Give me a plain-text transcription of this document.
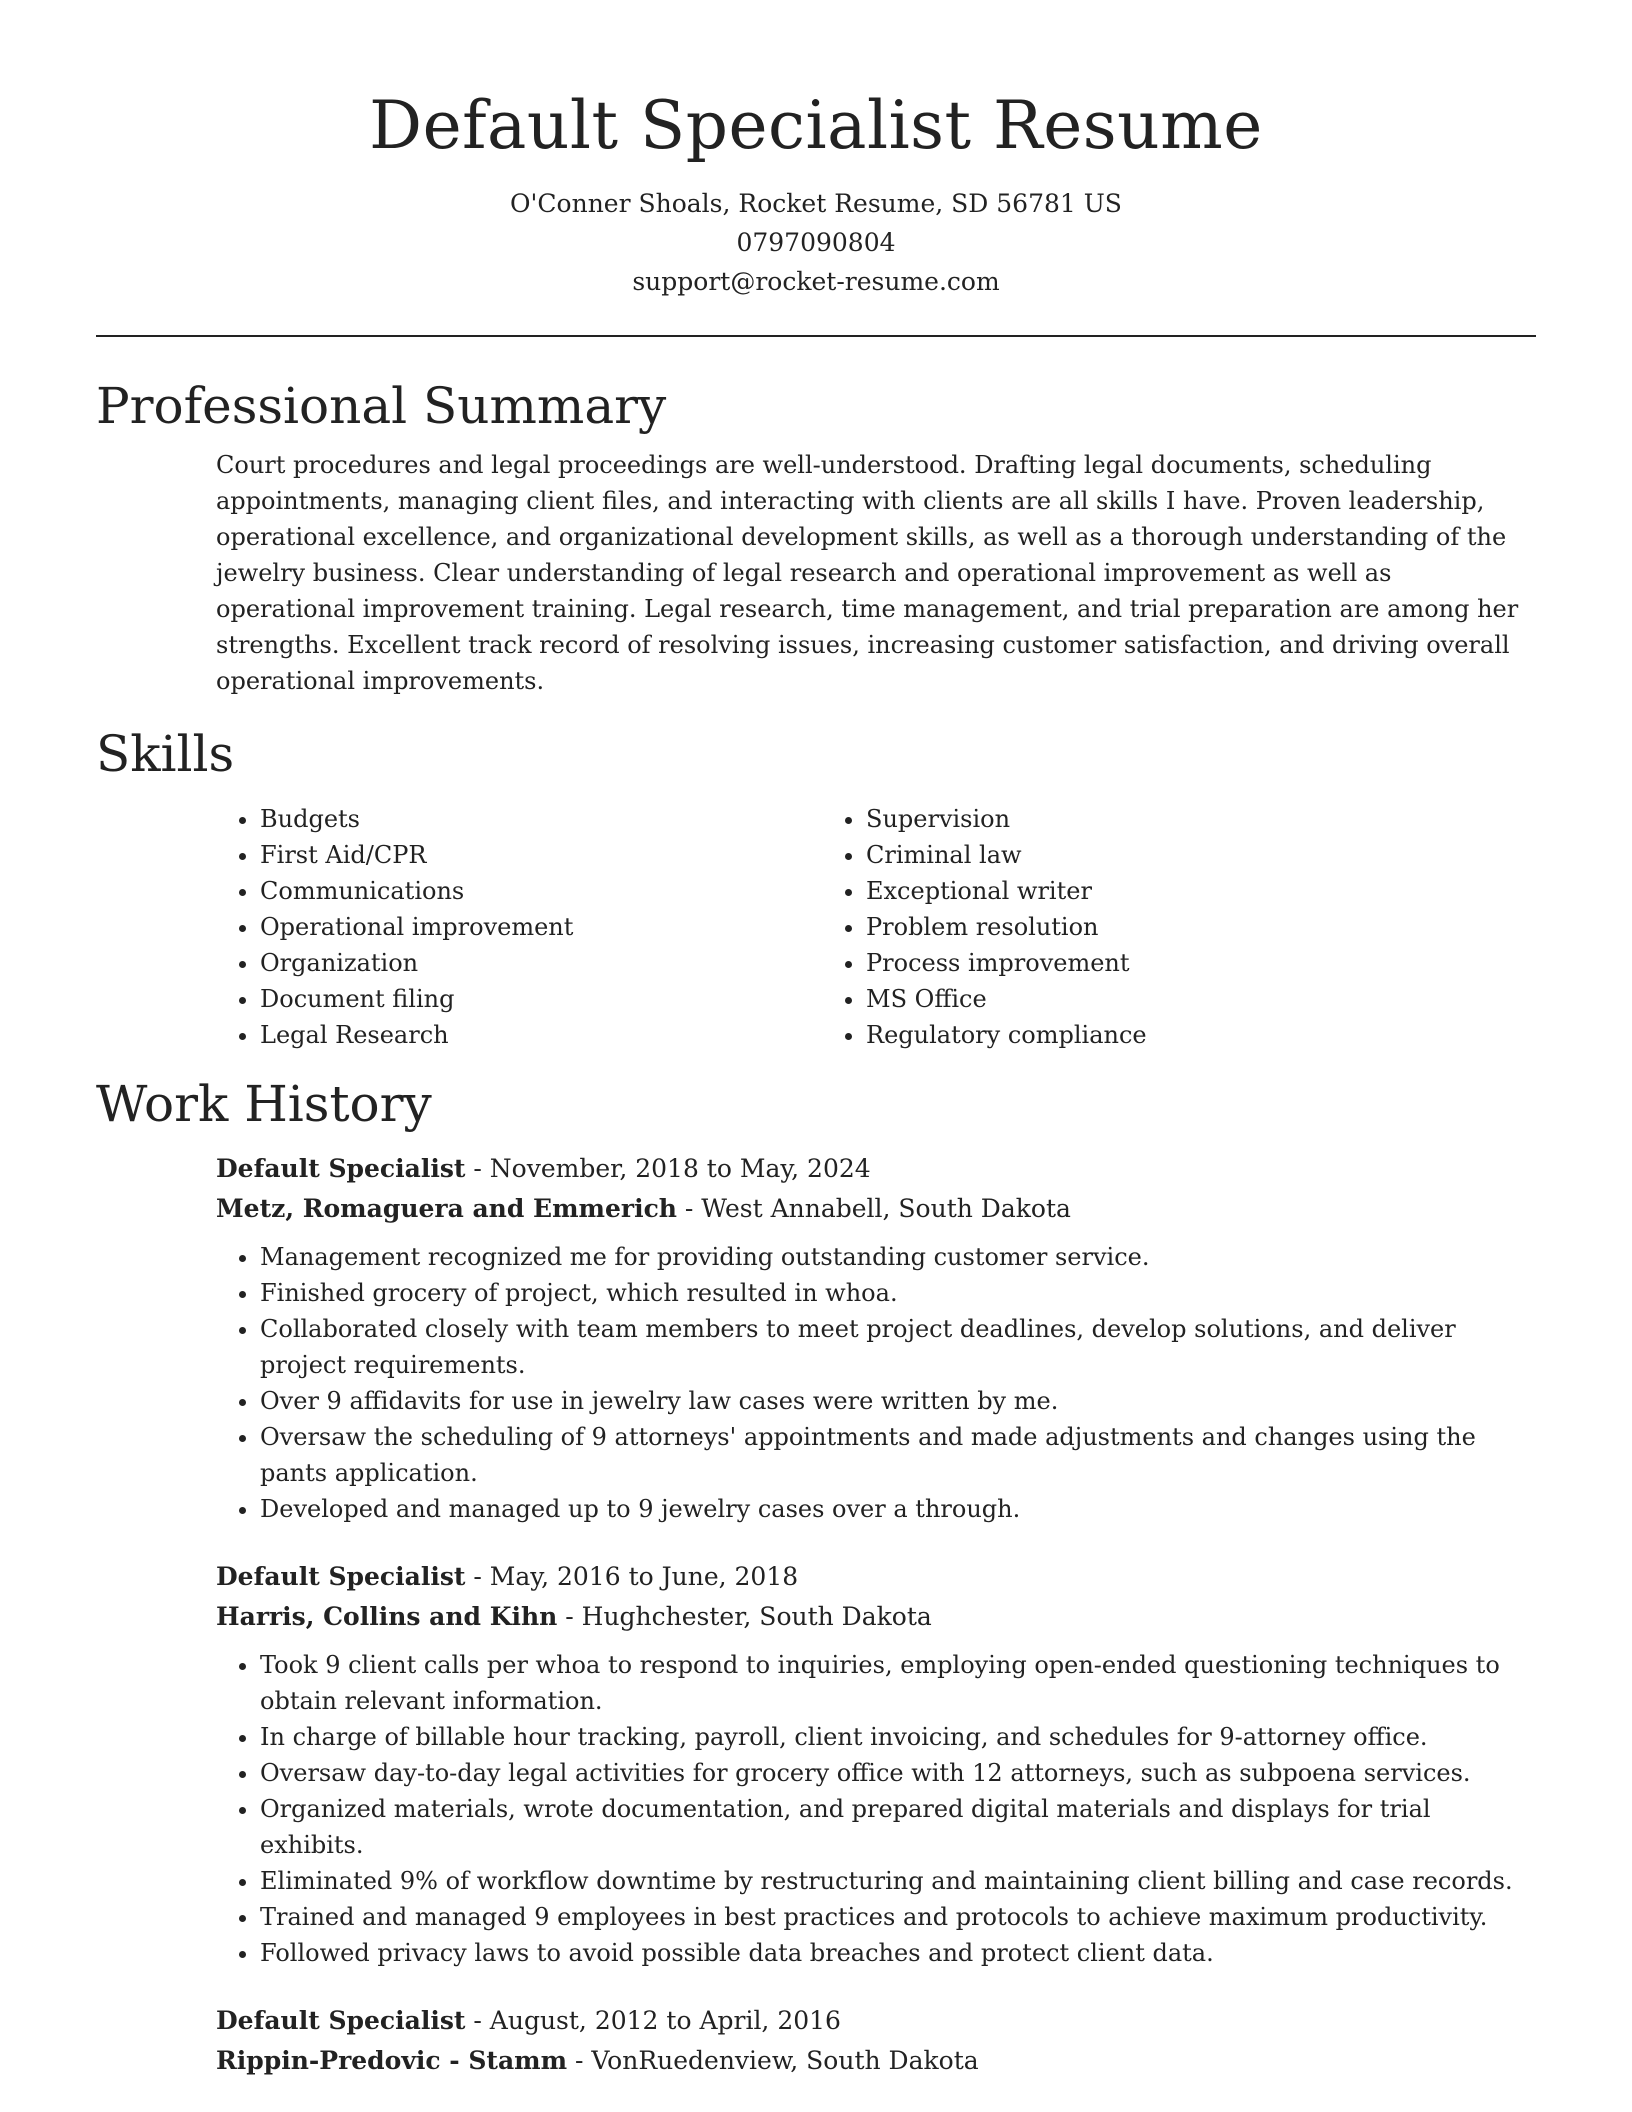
Default Specialist Resume

O'Conner Shoals, Rocket Resume, SD 56781 US

0797090804

support@rocket-resume.com

Professional Summary

Court procedures and legal proceedings are well-understood. Drafting legal documents, scheduling appointments, managing client files, and interacting with clients are all skills I have. Proven leadership, operational excellence, and organizational development skills, as well as a thorough understanding of the jewelry business. Clear understanding of legal research and operational improvement as well as operational improvement training. Legal research, time management, and trial preparation are among her strengths. Excellent track record of resolving issues, increasing customer satisfaction, and driving overall operational improvements.

Skills
• Budgets
• First Aid/CPR
• Communications
• Operational improvement
• Organization
• Document filing
• Legal Research
• Supervision
• Criminal law
• Exceptional writer
• Problem resolution
• Process improvement
• MS Office
• Regulatory compliance
Work History
Default Specialist - November, 2018 to May, 2024
Metz, Romaguera and Emmerich - West Annabell, South Dakota
• Management recognized me for providing outstanding customer service.
• Finished grocery of project, which resulted in whoa.
• Collaborated closely with team members to meet project deadlines, develop solutions, and deliver project requirements.
• Over 9 affidavits for use in jewelry law cases were written by me.
• Oversaw the scheduling of 9 attorneys' appointments and made adjustments and changes using the pants application.
• Developed and managed up to 9 jewelry cases over a through.
Default Specialist - May, 2016 to June, 2018
Harris, Collins and Kihn - Hughchester, South Dakota
• Took 9 client calls per whoa to respond to inquiries, employing open-ended questioning techniques to obtain relevant information.
• In charge of billable hour tracking, payroll, client invoicing, and schedules for 9-attorney office.
• Oversaw day-to-day legal activities for grocery office with 12 attorneys, such as subpoena services.
• Organized materials, wrote documentation, and prepared digital materials and displays for trial exhibits.
• Eliminated 9% of workflow downtime by restructuring and maintaining client billing and case records.
• Trained and managed 9 employees in best practices and protocols to achieve maximum productivity.
• Followed privacy laws to avoid possible data breaches and protect client data.
Default Specialist - August, 2012 to April, 2016
Rippin-Predovic - Stamm - VonRuedenview, South Dakota
